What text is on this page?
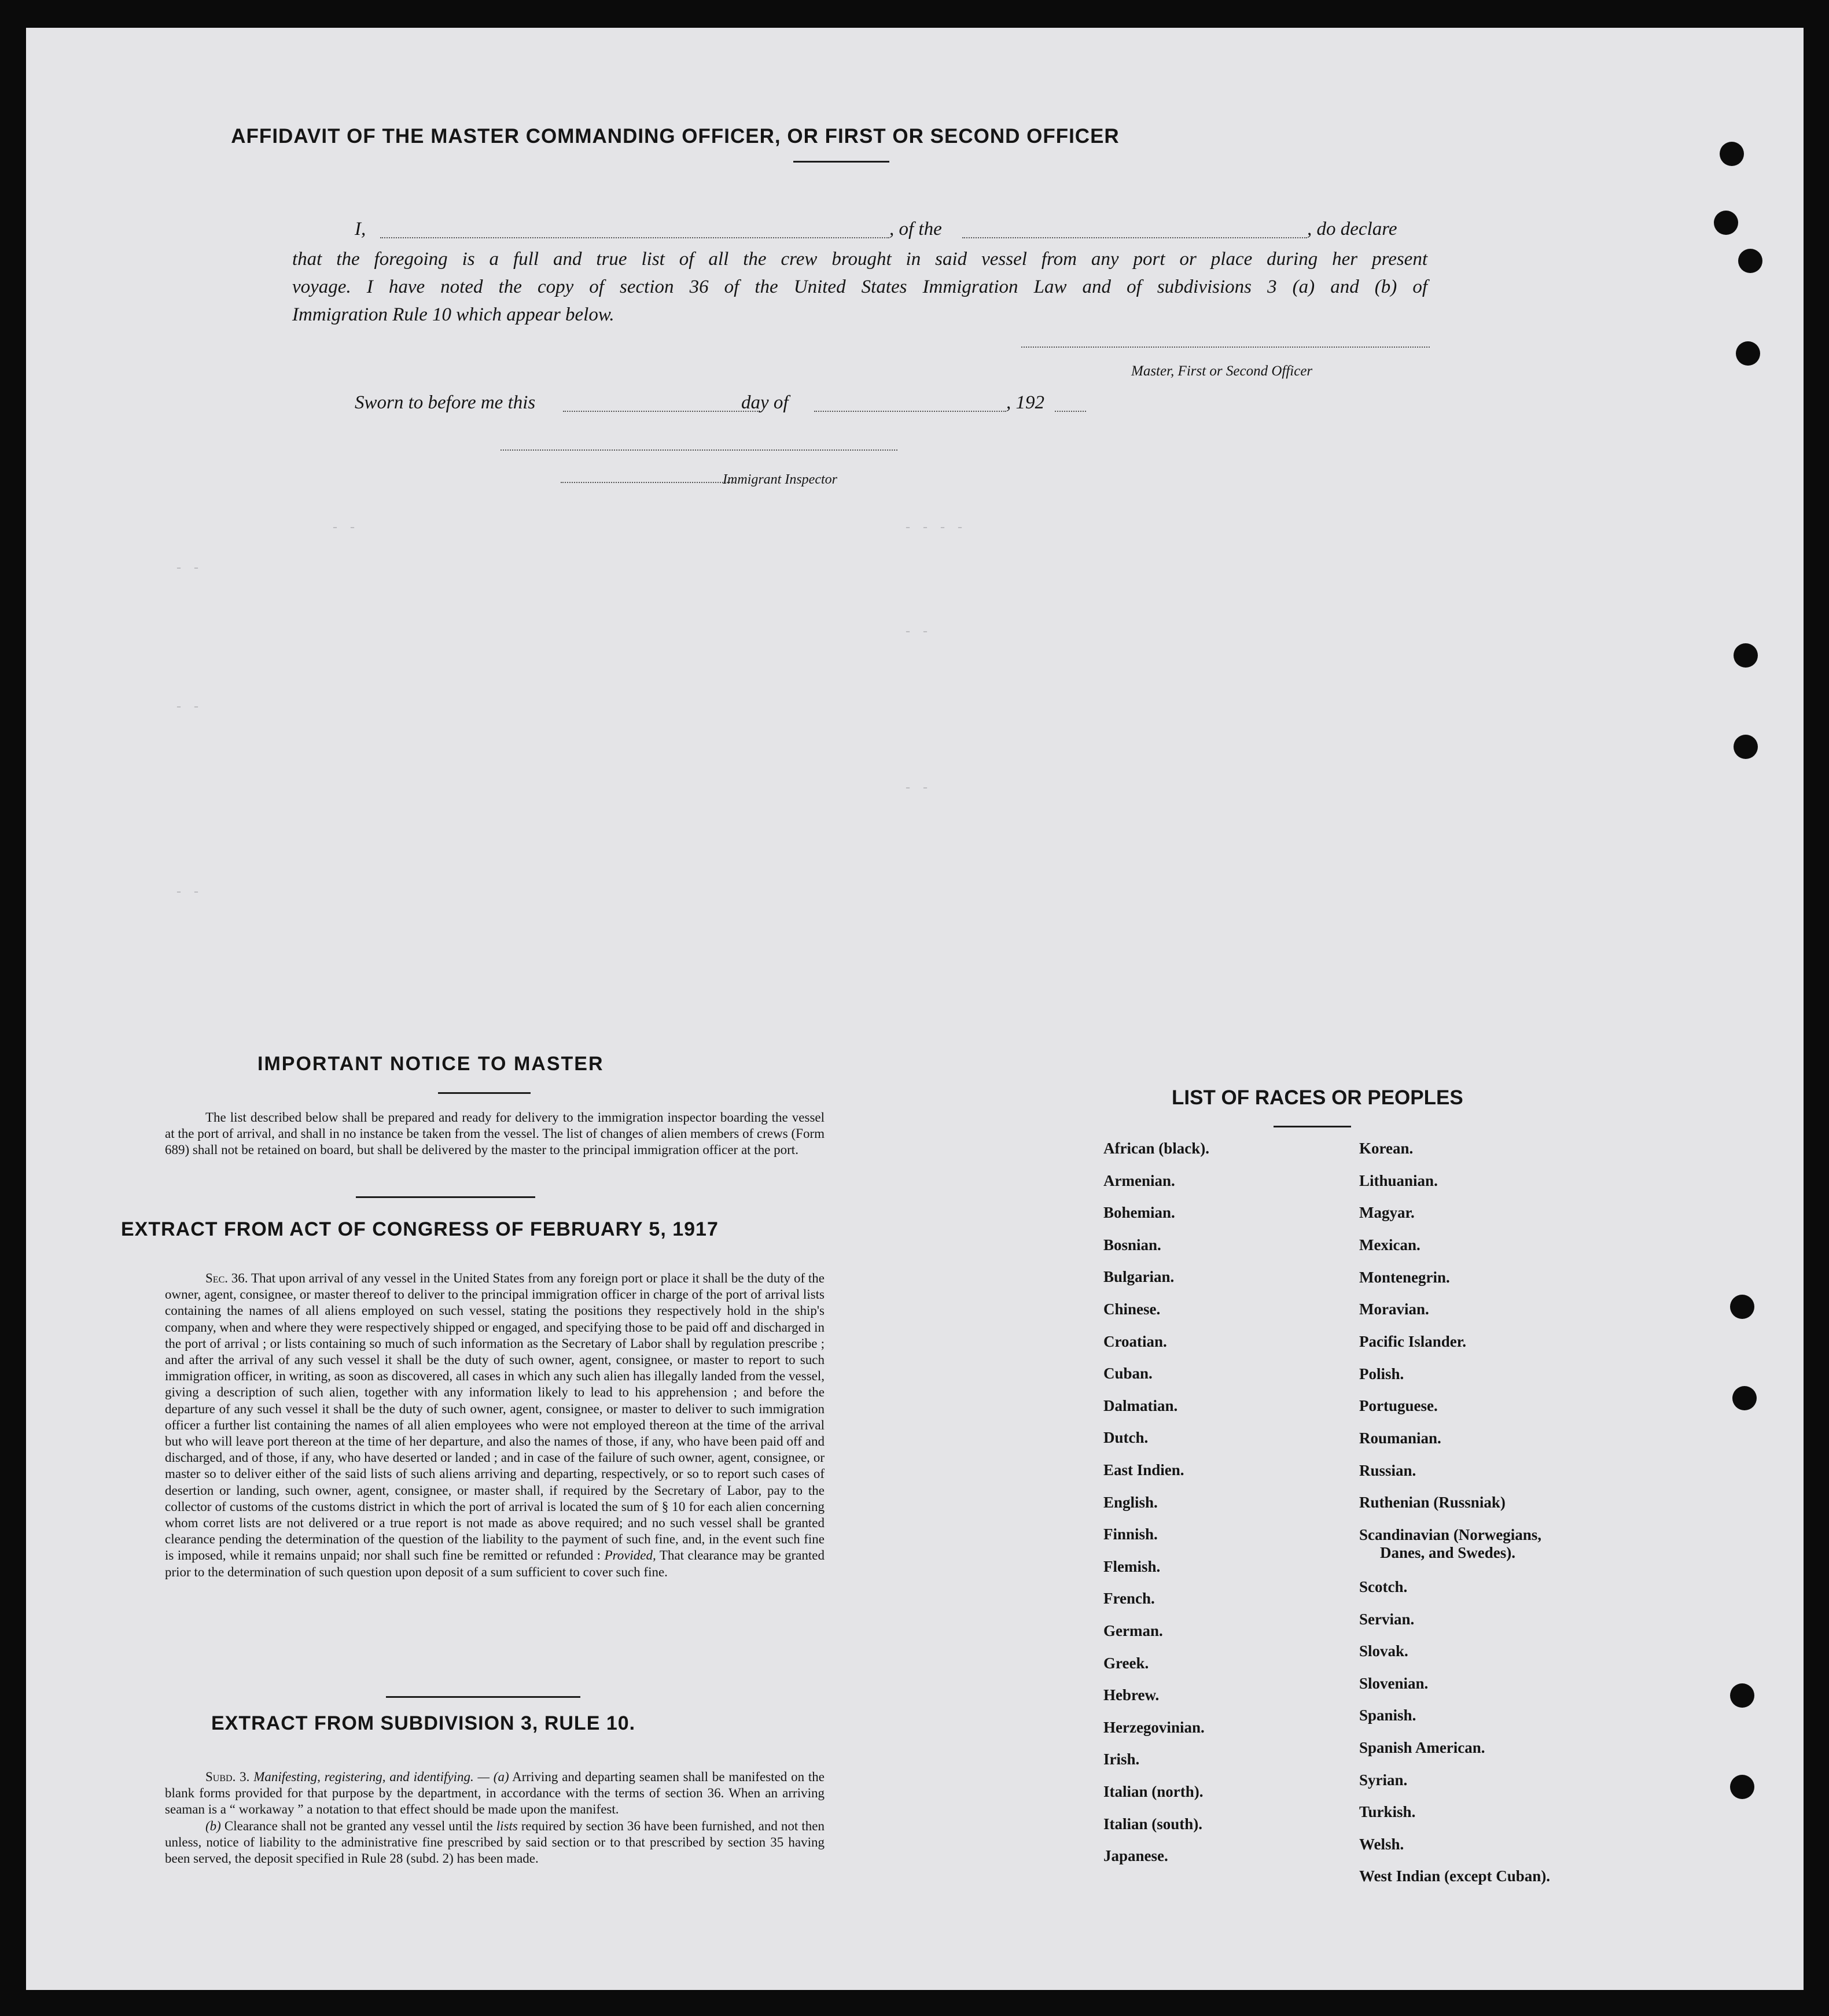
- -
- -	- - - -
- -
- -
- -
- -
AFFIDAVIT OF THE MASTER COMMANDING OFFICER, OR FIRST OR SECOND OFFICER
I,	, of the	, do declare
that the foregoing is a full and true list of all the crew brought in said vessel from any port or place during her present
voyage. I have noted the copy of section 36 of the United States Immigration Law and of subdivisions 3 (a) and (b) of
Immigration Rule 10 which appear below.
Master, First or Second Officer
Sworn to before me this	day of	, 192
Immigrant Inspector
IMPORTANT NOTICE TO MASTER

The list described below shall be prepared and ready for delivery to the immigration inspector boarding the vessel at the port of arrival, and shall in no instance be taken from the vessel. The list of changes of alien members of crews (Form 689) shall not be retained on board, but shall be delivered by the master to the principal immigration officer at the port.

EXTRACT FROM ACT OF CONGRESS OF FEBRUARY 5, 1917

Sec. 36. That upon arrival of any vessel in the United States from any foreign port or place it shall be the duty of the owner, agent, consignee, or master thereof to deliver to the principal immigration officer in charge of the port of arrival lists containing the names of all aliens employed on such vessel, stating the positions they respectively hold in the ship's company, when and where they were respectively shipped or engaged, and specifying those to be paid off and discharged in the port of arrival ; or lists containing so much of such information as the Secretary of Labor shall by regulation prescribe ; and after the arrival of any such vessel it shall be the duty of such owner, agent, consignee, or master to report to such immigration officer, in writing, as soon as discovered, all cases in which any such alien has illegally landed from the vessel, giving a description of such alien, together with any information likely to lead to his apprehension ; and before the departure of any such vessel it shall be the duty of such owner, agent, consignee, or master to deliver to such immigration officer a further list containing the names of all alien employees who were not employed thereon at the time of the arrival but who will leave port thereon at the time of her departure, and also the names of those, if any, who have been paid off and discharged, and of those, if any, who have deserted or landed ; and in case of the failure of such owner, agent, consignee, or master so to deliver either of the said lists of such aliens arriving and departing, respectively, or so to report such cases of desertion or landing, such owner, agent, consignee, or master shall, if required by the Secretary of Labor, pay to the collector of customs of the customs district in which the port of arrival is located the sum of § 10 for each alien concerning whom corret lists are not delivered or a true report is not made as above required; and no such vessel shall be granted clearance pending the determination of the question of the liability to the payment of such fine, and, in the event such fine is imposed, while it remains unpaid; nor shall such fine be remitted or refunded : Provided, That clearance may be granted prior to the determination of such question upon deposit of a sum sufficient to cover such fine.

EXTRACT FROM SUBDIVISION 3, RULE 10.

Subd. 3. Manifesting, registering, and identifying. — (a) Arriving and departing seamen shall be manifested on the blank forms provided for that purpose by the department, in accordance with the terms of section 36. When an arriving seaman is a “ workaway ” a notation to that effect should be made upon the manifest.

(b) Clearance shall not be granted any vessel until the lists required by section 36 have been furnished, and not then unless, notice of liability to the administrative fine prescribed by said section or to that prescribed by section 35 having been served, the deposit specified in Rule 28 (subd. 2) has been made.

LIST OF RACES OR PEOPLES
African (black).
Armenian.
Bohemian.
Bosnian.
Bulgarian.
Chinese.
Croatian.
Cuban.
Dalmatian.
Dutch.
East Indien.
English.
Finnish.
Flemish.
French.
German.
Greek.
Hebrew.
Herzegovinian.
Irish.
Italian (north).
Italian (south).
Japanese.
Korean.
Lithuanian.
Magyar.
Mexican.
Montenegrin.
Moravian.
Pacific Islander.
Polish.
Portuguese.
Roumanian.
Russian.
Ruthenian (Russniak)
Scandinavian (Norwegians,
Danes, and Swedes).
Scotch.
Servian.
Slovak.
Slovenian.
Spanish.
Spanish American.
Syrian.
Turkish.
Welsh.
West Indian (except Cuban).
